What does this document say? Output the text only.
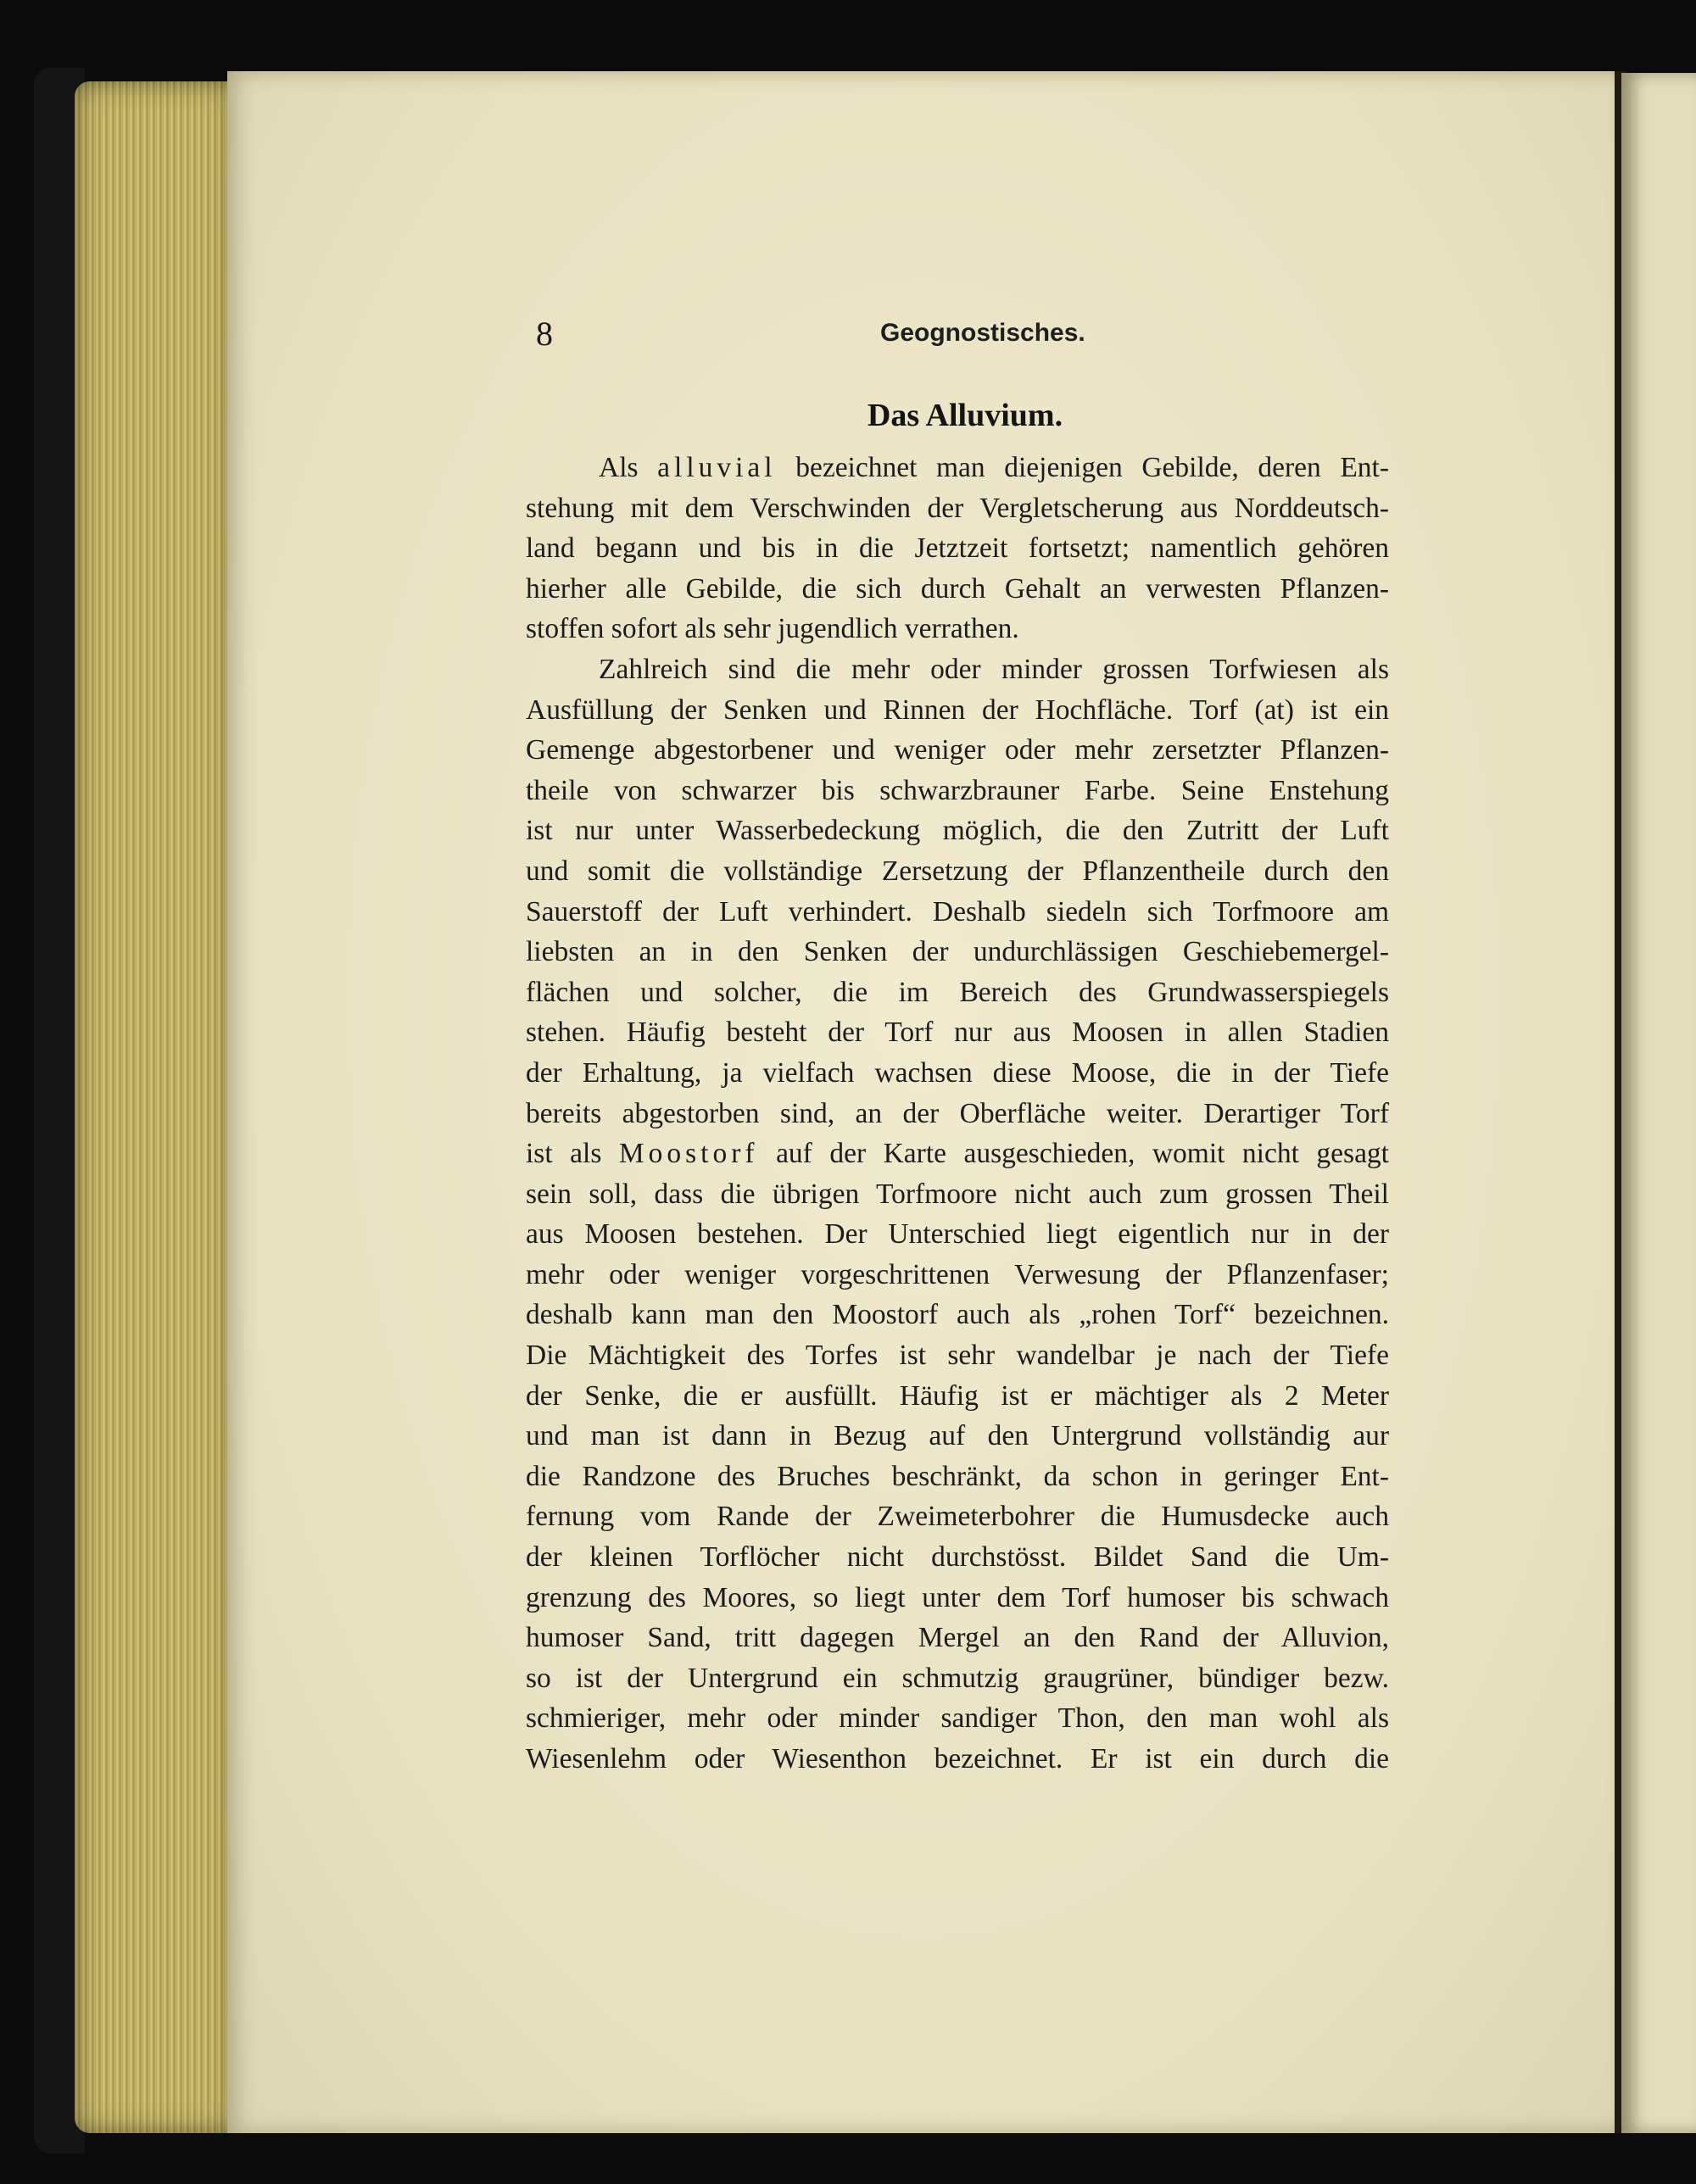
8	Geognostisches.
Das Alluvium.
Als alluvial bezeichnet man diejenigen Gebilde, deren Ent-
stehung mit dem Verschwinden der Vergletscherung aus Norddeutsch-
land begann und bis in die Jetztzeit fortsetzt; namentlich gehören
hierher alle Gebilde, die sich durch Gehalt an verwesten Pflanzen-
stoffen sofort als sehr jugendlich verrathen.
Zahlreich sind die mehr oder minder grossen Torfwiesen als
Ausfüllung der Senken und Rinnen der Hochfläche. Torf (at) ist ein
Gemenge abgestorbener und weniger oder mehr zersetzter Pflanzen-
theile von schwarzer bis schwarzbrauner Farbe. Seine Enstehung
ist nur unter Wasserbedeckung möglich, die den Zutritt der Luft
und somit die vollständige Zersetzung der Pflanzentheile durch den
Sauerstoff der Luft verhindert. Deshalb siedeln sich Torfmoore am
liebsten an in den Senken der undurchlässigen Geschiebemergel-
flächen und solcher, die im Bereich des Grundwasserspiegels
stehen. Häufig besteht der Torf nur aus Moosen in allen Stadien
der Erhaltung, ja vielfach wachsen diese Moose, die in der Tiefe
bereits abgestorben sind, an der Oberfläche weiter. Derartiger Torf
ist als Moostorf auf der Karte ausgeschieden, womit nicht gesagt
sein soll, dass die übrigen Torfmoore nicht auch zum grossen Theil
aus Moosen bestehen. Der Unterschied liegt eigentlich nur in der
mehr oder weniger vorgeschrittenen Verwesung der Pflanzenfaser;
deshalb kann man den Moostorf auch als „rohen Torf“ bezeichnen.
Die Mächtigkeit des Torfes ist sehr wandelbar je nach der Tiefe
der Senke, die er ausfüllt. Häufig ist er mächtiger als 2 Meter
und man ist dann in Bezug auf den Untergrund vollständig aur
die Randzone des Bruches beschränkt, da schon in geringer Ent-
fernung vom Rande der Zweimeterbohrer die Humusdecke auch
der kleinen Torflöcher nicht durchstösst. Bildet Sand die Um-
grenzung des Moores, so liegt unter dem Torf humoser bis schwach
humoser Sand, tritt dagegen Mergel an den Rand der Alluvion,
so ist der Untergrund ein schmutzig graugrüner, bündiger bezw.
schmieriger, mehr oder minder sandiger Thon, den man wohl als
Wiesenlehm oder Wiesenthon bezeichnet. Er ist ein durch die
